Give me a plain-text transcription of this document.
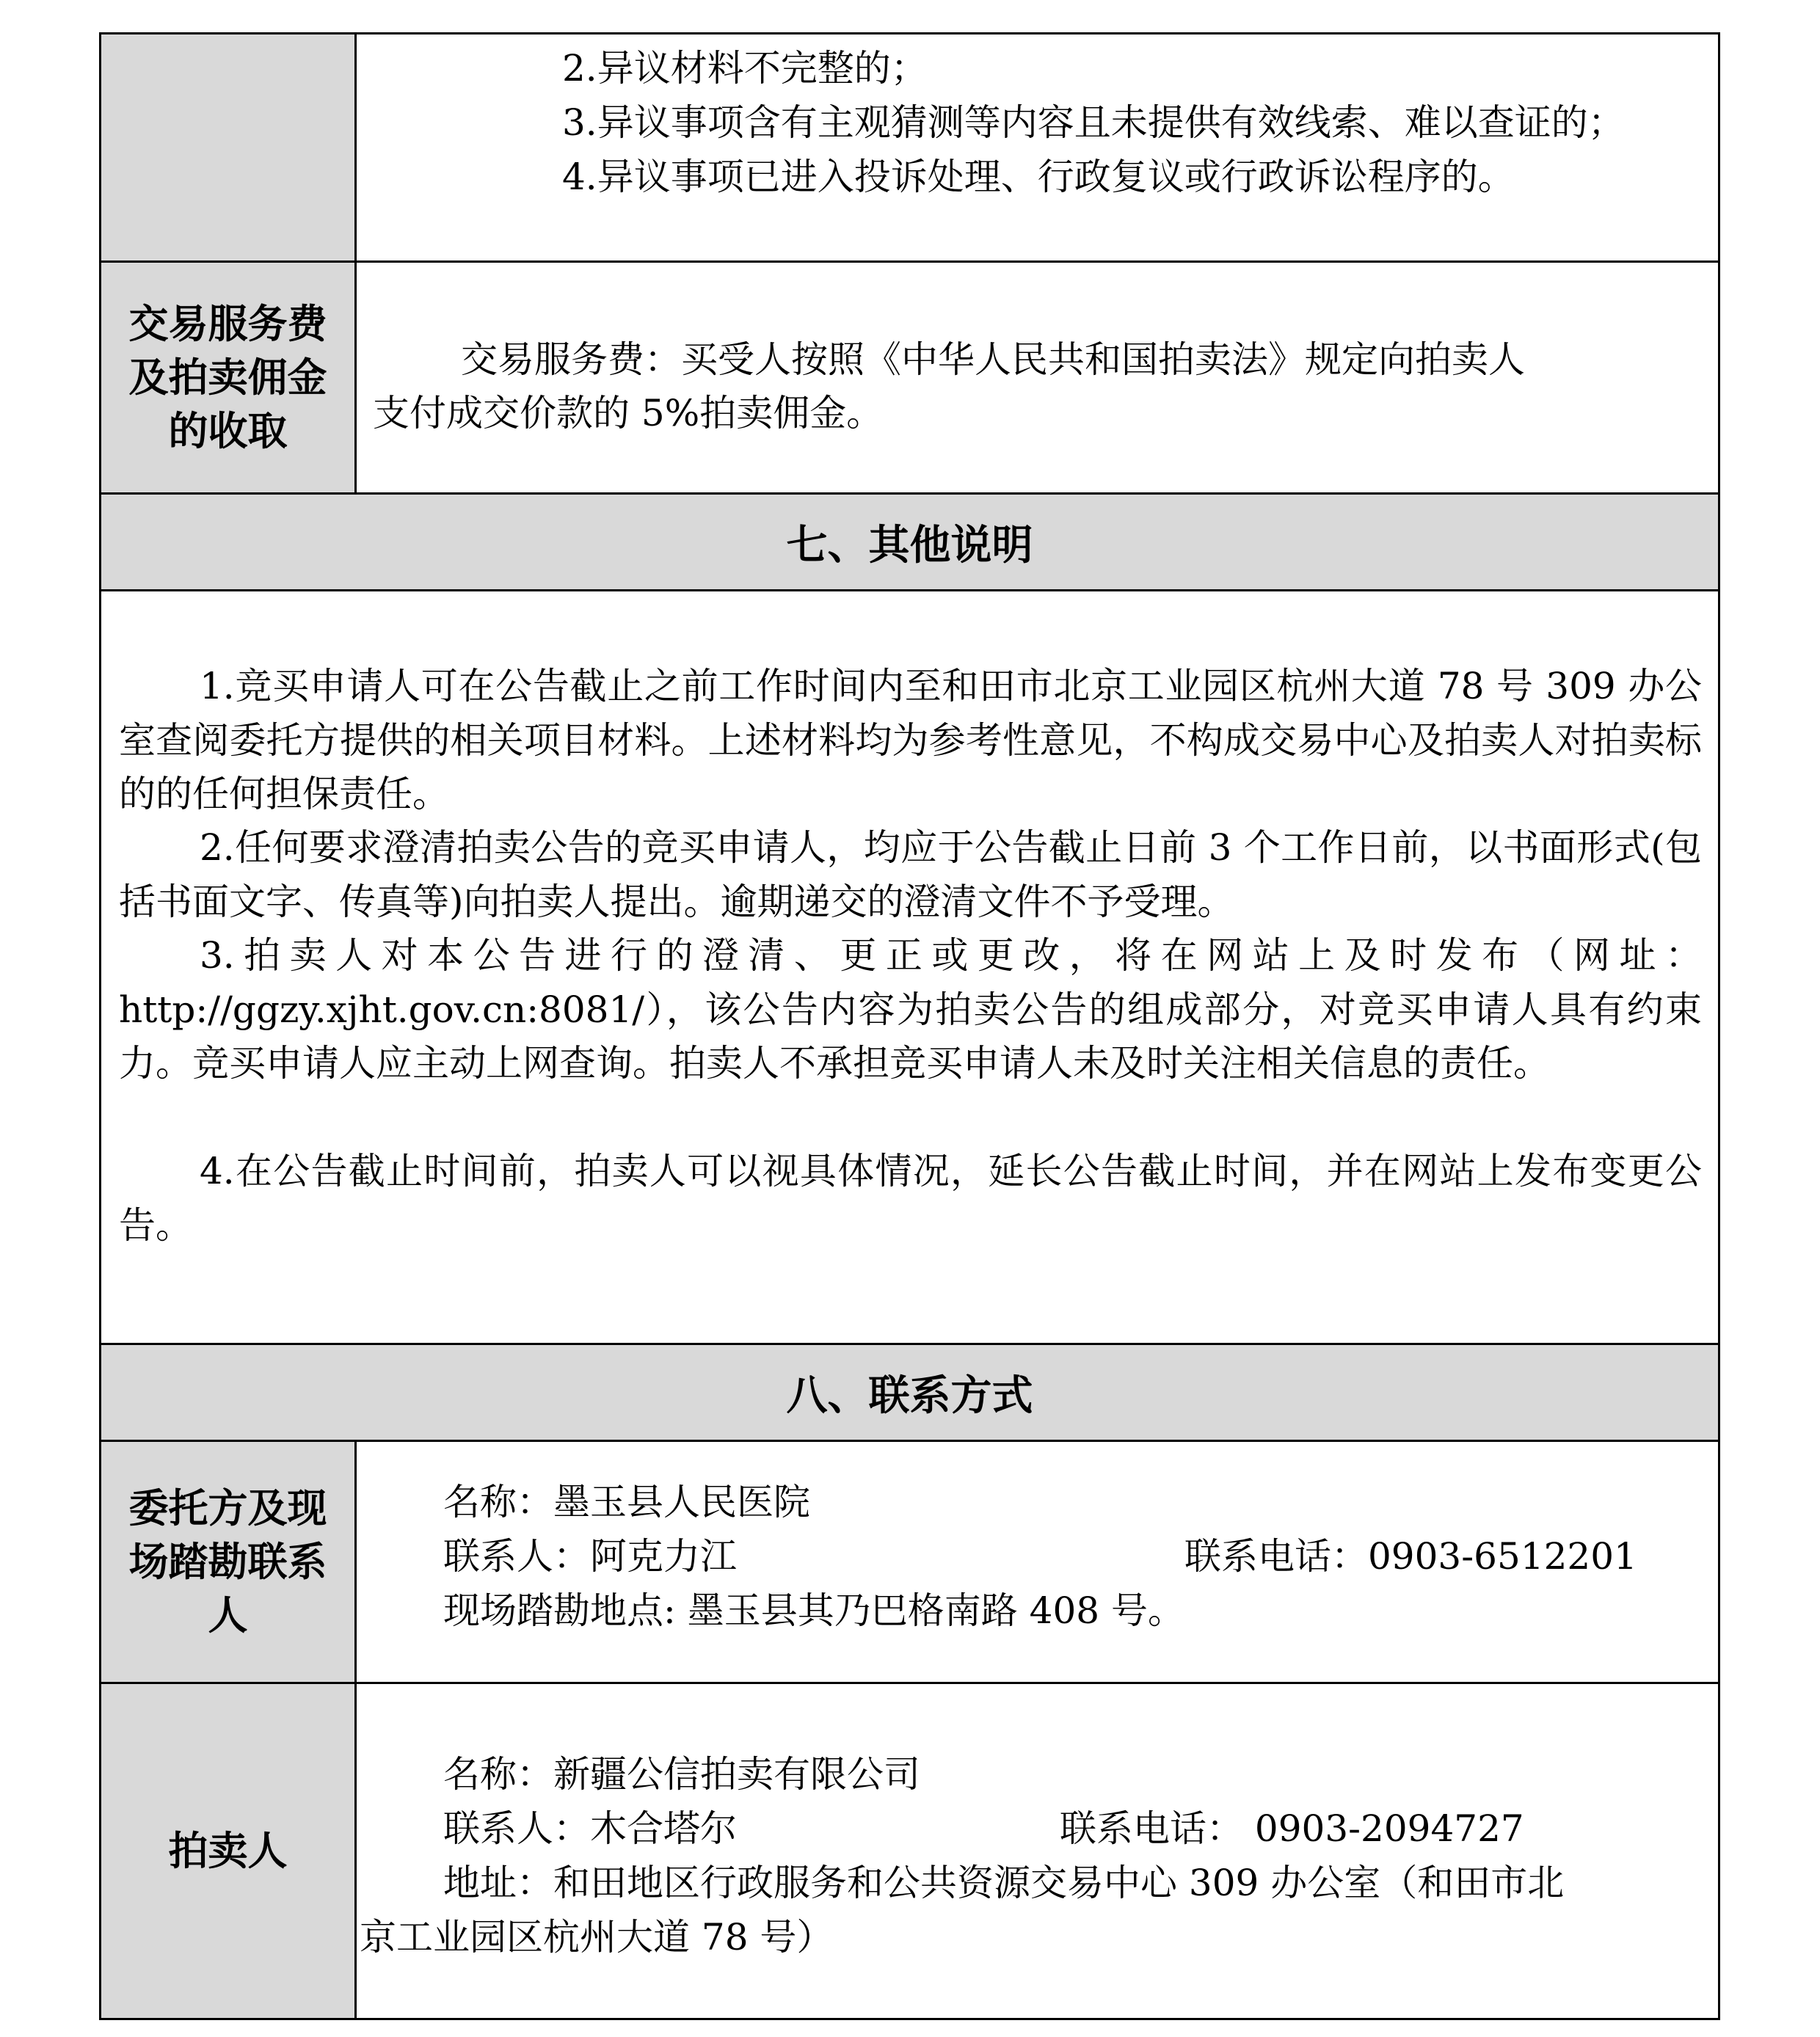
2.异议材料不完整的；
3.异议事项含有主观猜测等内容且未提供有效线索、难以查证的；
4.异议事项已进入投诉处理、行政复议或行政诉讼程序的。
交易服务费
及拍卖佣金
的收取
交易服务费：买受人按照《中华人民共和国拍卖法》规定向拍卖人
支付成交价款的 5%拍卖佣金。
七、其他说明
1.竞买申请人可在公告截止之前工作时间内至和田市北京工业园区杭州大道 78 号 309 办公室查阅委托方提供的相关项目材料。上述材料均为参考性意见，不构成交易中心及拍卖人对拍卖标的的任何担保责任。
2.任何要求澄清拍卖公告的竞买申请人，均应于公告截止日前 3 个工作日前，以书面形式(包括书面文字、传真等)向拍卖人提出。逾期递交的澄清文件不予受理。
3.拍卖人对本公告进行的澄清、更正或更改，将在网站上及时发布（网址：http://ggzy.xjht.gov.cn:8081/），该公告内容为拍卖公告的组成部分，对竞买申请人具有约束力。竞买申请人应主动上网查询。拍卖人不承担竞买申请人未及时关注相关信息的责任。
4.在公告截止时间前，拍卖人可以视具体情况，延长公告截止时间，并在网站上发布变更公告。
八、联系方式
委托方及现
场踏勘联系
人
名称：墨玉县人民医院
联系人：阿克力江	联系电话：0903-6512201
现场踏勘地点: 墨玉县其乃巴格南路 408 号。
拍卖人
名称：新疆公信拍卖有限公司
联系人：木合塔尔	联系电话： 0903-2094727
地址：和田地区行政服务和公共资源交易中心 309 办公室（和田市北
京工业园区杭州大道 78 号）
